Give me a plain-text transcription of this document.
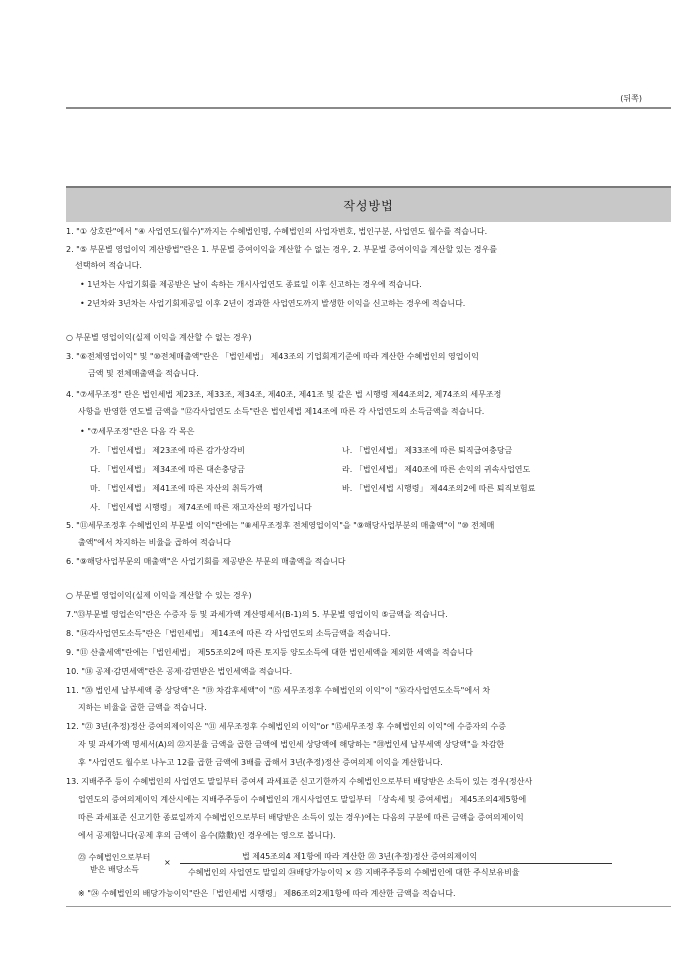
(뒤쪽)
작성방법
1. "① 상호란"에서 "④ 사업연도(월수)"까지는 수혜법인명, 수혜법인의 사업자번호, 법인구분, 사업연도 월수를 적습니다.
2. "⑤ 부문별 영업이익 계산방법"란은 1. 부문별 증여이익을 계산할 수 없는 경우, 2. 부문별 증여이익을 계산할 있는 경우를
선택하여 적습니다.
• 1년차는 사업기회를 제공받은 날이 속하는 개시사업연도 종료일 이후 신고하는 경우에 적습니다.
• 2년차와 3년차는 사업기회제공일 이후 2년이 경과한 사업연도까지 발생한 이익을 신고하는 경우에 적습니다.
○ 부문별 영업이익(실제 이익을 계산할 수 없는 경우)
3. "⑥전체영업이익" 및 "⑩전체매출액"란은 「법인세법」 제43조의 기업회계기준에 따라 계산한 수혜법인의 영업이익
금액 및 전체매출액을 적습니다.
4. "⑦세무조정" 란은 법인세법 제23조, 제33조, 제34조, 제40조, 제41조 및 같은 법 시행령 제44조의2, 제74조의 세무조정
사항을 반영한 연도별 금액을 "⑫각사업연도 소득"란은 법인세법 제14조에 따른 각 사업연도의 소득금액을 적습니다.
• "⑦세무조정"란은 다음 각 목은
가. 「법인세법」 제23조에 따른 감가상각비	나. 「법인세법」 제33조에 따른 퇴직급여충당금
다. 「법인세법」 제34조에 따른 대손충당금	라. 「법인세법」 제40조에 따른 손익의 귀속사업연도
마. 「법인세법」 제41조에 따른 자산의 취득가액	바. 「법인세법 시행령」 제44조의2에 따른 퇴직보험료
사. 「법인세법 시행령」 제74조에 따른 재고자산의 평가입니다
5. "⑪세무조정후 수혜법인의 부문별 이익"란에는 "⑧세무조정후 전체영업이익"을 "⑨해당사업부분의 매출액"이 "⑩ 전체매
출액"에서 차지하는 비율을 곱하여 적습니다
6. "⑨해당사업부문의 매출액"은 사업기회를 제공받은 부문의 매출액을 적습니다
○ 부문별 영업이익(실제 이익을 계산할 수 있는 경우)
7."⑬부문별 영업손익"란은 수증자 등 및 과세가액 계산명세서(B-1)의 5. 부문별 영업이익 ⑤금액을 적습니다.
8. "⑭각사업연도소득"란은「법인세법」 제14조에 따른 각 사업연도의 소득금액을 적습니다.
9. "⑪ 산출세액"란에는「법인세법」 제55조의2에 따른 토지등 양도소득에 대한 법인세액을 제외한 세액을 적습니다
10. "⑱ 공제·감면세액"란은 공제·감면받은 법인세액을 적습니다.
11. "⑳ 법인세 납부세액 중 상당액"은 "⑲ 차감후세액"이 "⑮ 세무조정후 수혜법인의 이익"이 "⑯각사업연도소득"에서 차
지하는 비율을 곱한 금액을 적습니다.
12. "㉑ 3년(추정)정산 증여의제이익은 "⑪ 세무조정후 수혜법인의 이익"or "⑮세무조정 후 수혜법인의 이익"에 수증자의 수증
자 및 과세가액 명세서(A)의 ㉒지분율 금액을 곱한 금액에 법인세 상당액에 해당하는 "⑳법인세 납부세액 상당액"을 차감한
후 "사업연도 월수로 나누고 12를 곱한 금액에 3배를 곱해서 3년(추정)정산 증여의제 이익을 계산합니다.
13. 지배주주 등이 수혜법인의 사업연도 말일부터 증여세 과세표준 신고기한까지 수혜법인으로부터 배당받은 소득이 있는 경우(정산사
업연도의 증여의제이익 계산시에는 지배주주등이 수혜법인의 개시사업연도 말일부터 「상속세 및 증여세법」 제45조의4제5항에
따른 과세표준 신고기한 종료일까지 수혜법인으로부터 배당받은 소득이 있는 경우)에는 다음의 구분에 따른 금액을 증여의제이익
에서 공제합니다(공제 후의 금액이 음수(陰數)인 경우에는 영으로 봅니다).
㉓ 수혜법인으로부터
받은 배당소득
×
법 제45조의4 제1항에 따라 계산한 ㉑ 3년(추정)정산 증여의제이익
수혜법인의 사업연도 말일의 ㉔배당가능이익 × ㉕ 지배주주등의 수혜법인에 대한 주식보유비율
※ "㉔ 수혜법인의 배당가능이익"란은「법인세법 시행령」 제86조의2제1항에 따라 계산한 금액을 적습니다.
